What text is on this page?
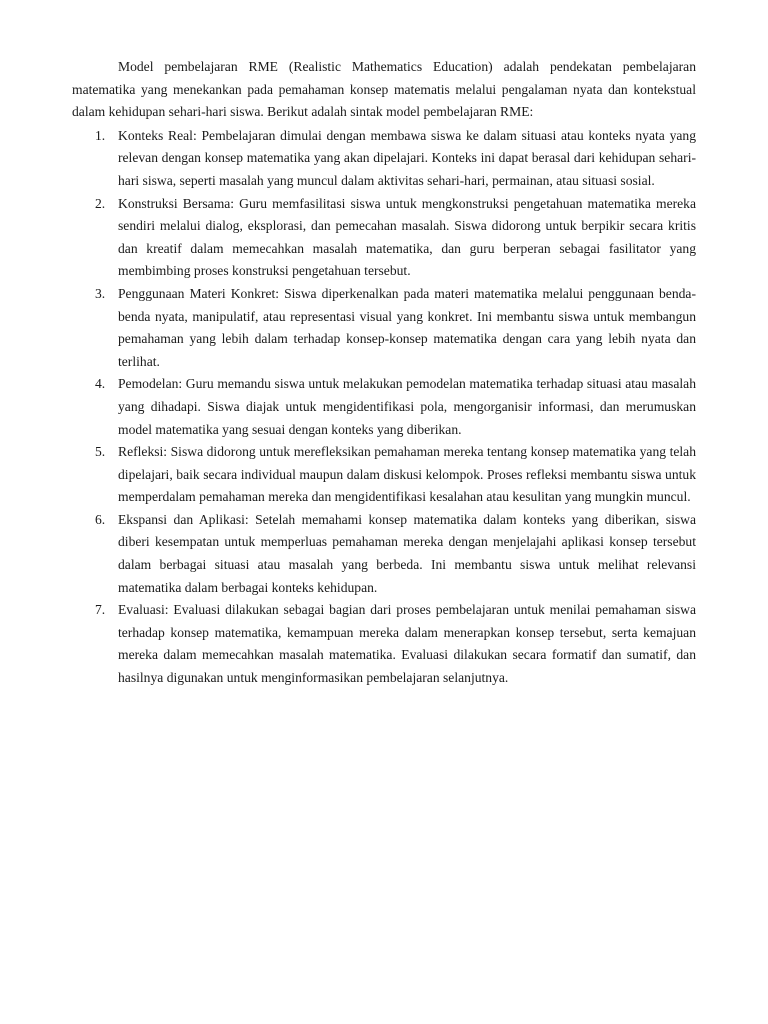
Model pembelajaran RME (Realistic Mathematics Education) adalah pendekatan pembelajaran matematika yang menekankan pada pemahaman konsep matematis melalui pengalaman nyata dan kontekstual dalam kehidupan sehari-hari siswa. Berikut adalah sintak model pembelajaran RME:

1. Konteks Real: Pembelajaran dimulai dengan membawa siswa ke dalam situasi atau konteks nyata yang relevan dengan konsep matematika yang akan dipelajari. Konteks ini dapat berasal dari kehidupan sehari-hari siswa, seperti masalah yang muncul dalam aktivitas sehari-hari, permainan, atau situasi sosial.
2. Konstruksi Bersama: Guru memfasilitasi siswa untuk mengkonstruksi pengetahuan matematika mereka sendiri melalui dialog, eksplorasi, dan pemecahan masalah. Siswa didorong untuk berpikir secara kritis dan kreatif dalam memecahkan masalah matematika, dan guru berperan sebagai fasilitator yang membimbing proses konstruksi pengetahuan tersebut.
3. Penggunaan Materi Konkret: Siswa diperkenalkan pada materi matematika melalui penggunaan benda-benda nyata, manipulatif, atau representasi visual yang konkret. Ini membantu siswa untuk membangun pemahaman yang lebih dalam terhadap konsep-konsep matematika dengan cara yang lebih nyata dan terlihat.
4. Pemodelan: Guru memandu siswa untuk melakukan pemodelan matematika terhadap situasi atau masalah yang dihadapi. Siswa diajak untuk mengidentifikasi pola, mengorganisir informasi, dan merumuskan model matematika yang sesuai dengan konteks yang diberikan.
5. Refleksi: Siswa didorong untuk merefleksikan pemahaman mereka tentang konsep matematika yang telah dipelajari, baik secara individual maupun dalam diskusi kelompok. Proses refleksi membantu siswa untuk memperdalam pemahaman mereka dan mengidentifikasi kesalahan atau kesulitan yang mungkin muncul.
6. Ekspansi dan Aplikasi: Setelah memahami konsep matematika dalam konteks yang diberikan, siswa diberi kesempatan untuk memperluas pemahaman mereka dengan menjelajahi aplikasi konsep tersebut dalam berbagai situasi atau masalah yang berbeda. Ini membantu siswa untuk melihat relevansi matematika dalam berbagai konteks kehidupan.
7. Evaluasi: Evaluasi dilakukan sebagai bagian dari proses pembelajaran untuk menilai pemahaman siswa terhadap konsep matematika, kemampuan mereka dalam menerapkan konsep tersebut, serta kemajuan mereka dalam memecahkan masalah matematika. Evaluasi dilakukan secara formatif dan sumatif, dan hasilnya digunakan untuk menginformasikan pembelajaran selanjutnya.
